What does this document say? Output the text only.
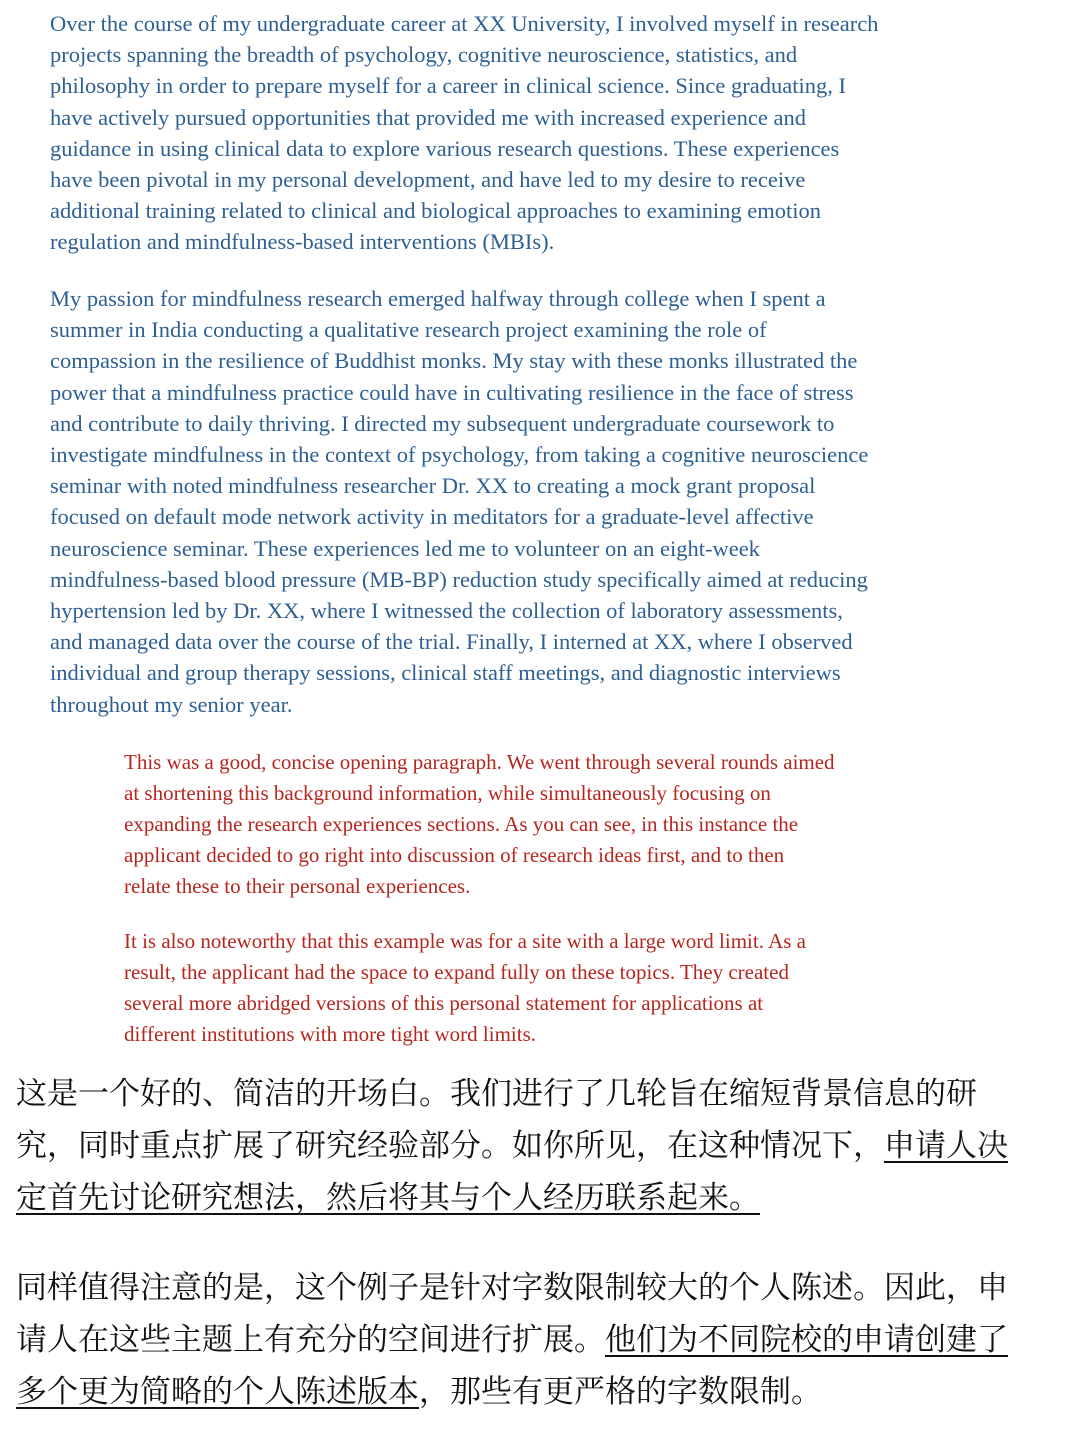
Over the course of my undergraduate career at XX University, I involved myself in research
projects spanning the breadth of psychology, cognitive neuroscience, statistics, and
philosophy in order to prepare myself for a career in clinical science. Since graduating, I
have actively pursued opportunities that provided me with increased experience and
guidance in using clinical data to explore various research questions. These experiences
have been pivotal in my personal development, and have led to my desire to receive
additional training related to clinical and biological approaches to examining emotion
regulation and mindfulness-based interventions (MBIs).
My passion for mindfulness research emerged halfway through college when I spent a
summer in India conducting a qualitative research project examining the role of
compassion in the resilience of Buddhist monks. My stay with these monks illustrated the
power that a mindfulness practice could have in cultivating resilience in the face of stress
and contribute to daily thriving. I directed my subsequent undergraduate coursework to
investigate mindfulness in the context of psychology, from taking a cognitive neuroscience
seminar with noted mindfulness researcher Dr. XX to creating a mock grant proposal
focused on default mode network activity in meditators for a graduate-level affective
neuroscience seminar. These experiences led me to volunteer on an eight-week
mindfulness-based blood pressure (MB-BP) reduction study specifically aimed at reducing
hypertension led by Dr. XX, where I witnessed the collection of laboratory assessments,
and managed data over the course of the trial. Finally, I interned at XX, where I observed
individual and group therapy sessions, clinical staff meetings, and diagnostic interviews
throughout my senior year.
This was a good, concise opening paragraph. We went through several rounds aimed
at shortening this background information, while simultaneously focusing on
expanding the research experiences sections. As you can see, in this instance the
applicant decided to go right into discussion of research ideas first, and to then
relate these to their personal experiences.
It is also noteworthy that this example was for a site with a large word limit. As a
result, the applicant had the space to expand fully on these topics. They created
several more abridged versions of this personal statement for applications at
different institutions with more tight word limits.
这是一个好的、简洁的开场白。我们进行了几轮旨在缩短背景信息的研
究，同时重点扩展了研究经验部分。如你所见，在这种情况下，申请人决
定首先讨论研究想法，然后将其与个人经历联系起来。
同样值得注意的是，这个例子是针对字数限制较大的个人陈述。因此，申
请人在这些主题上有充分的空间进行扩展。他们为不同院校的申请创建了
多个更为简略的个人陈述版本，那些有更严格的字数限制。
